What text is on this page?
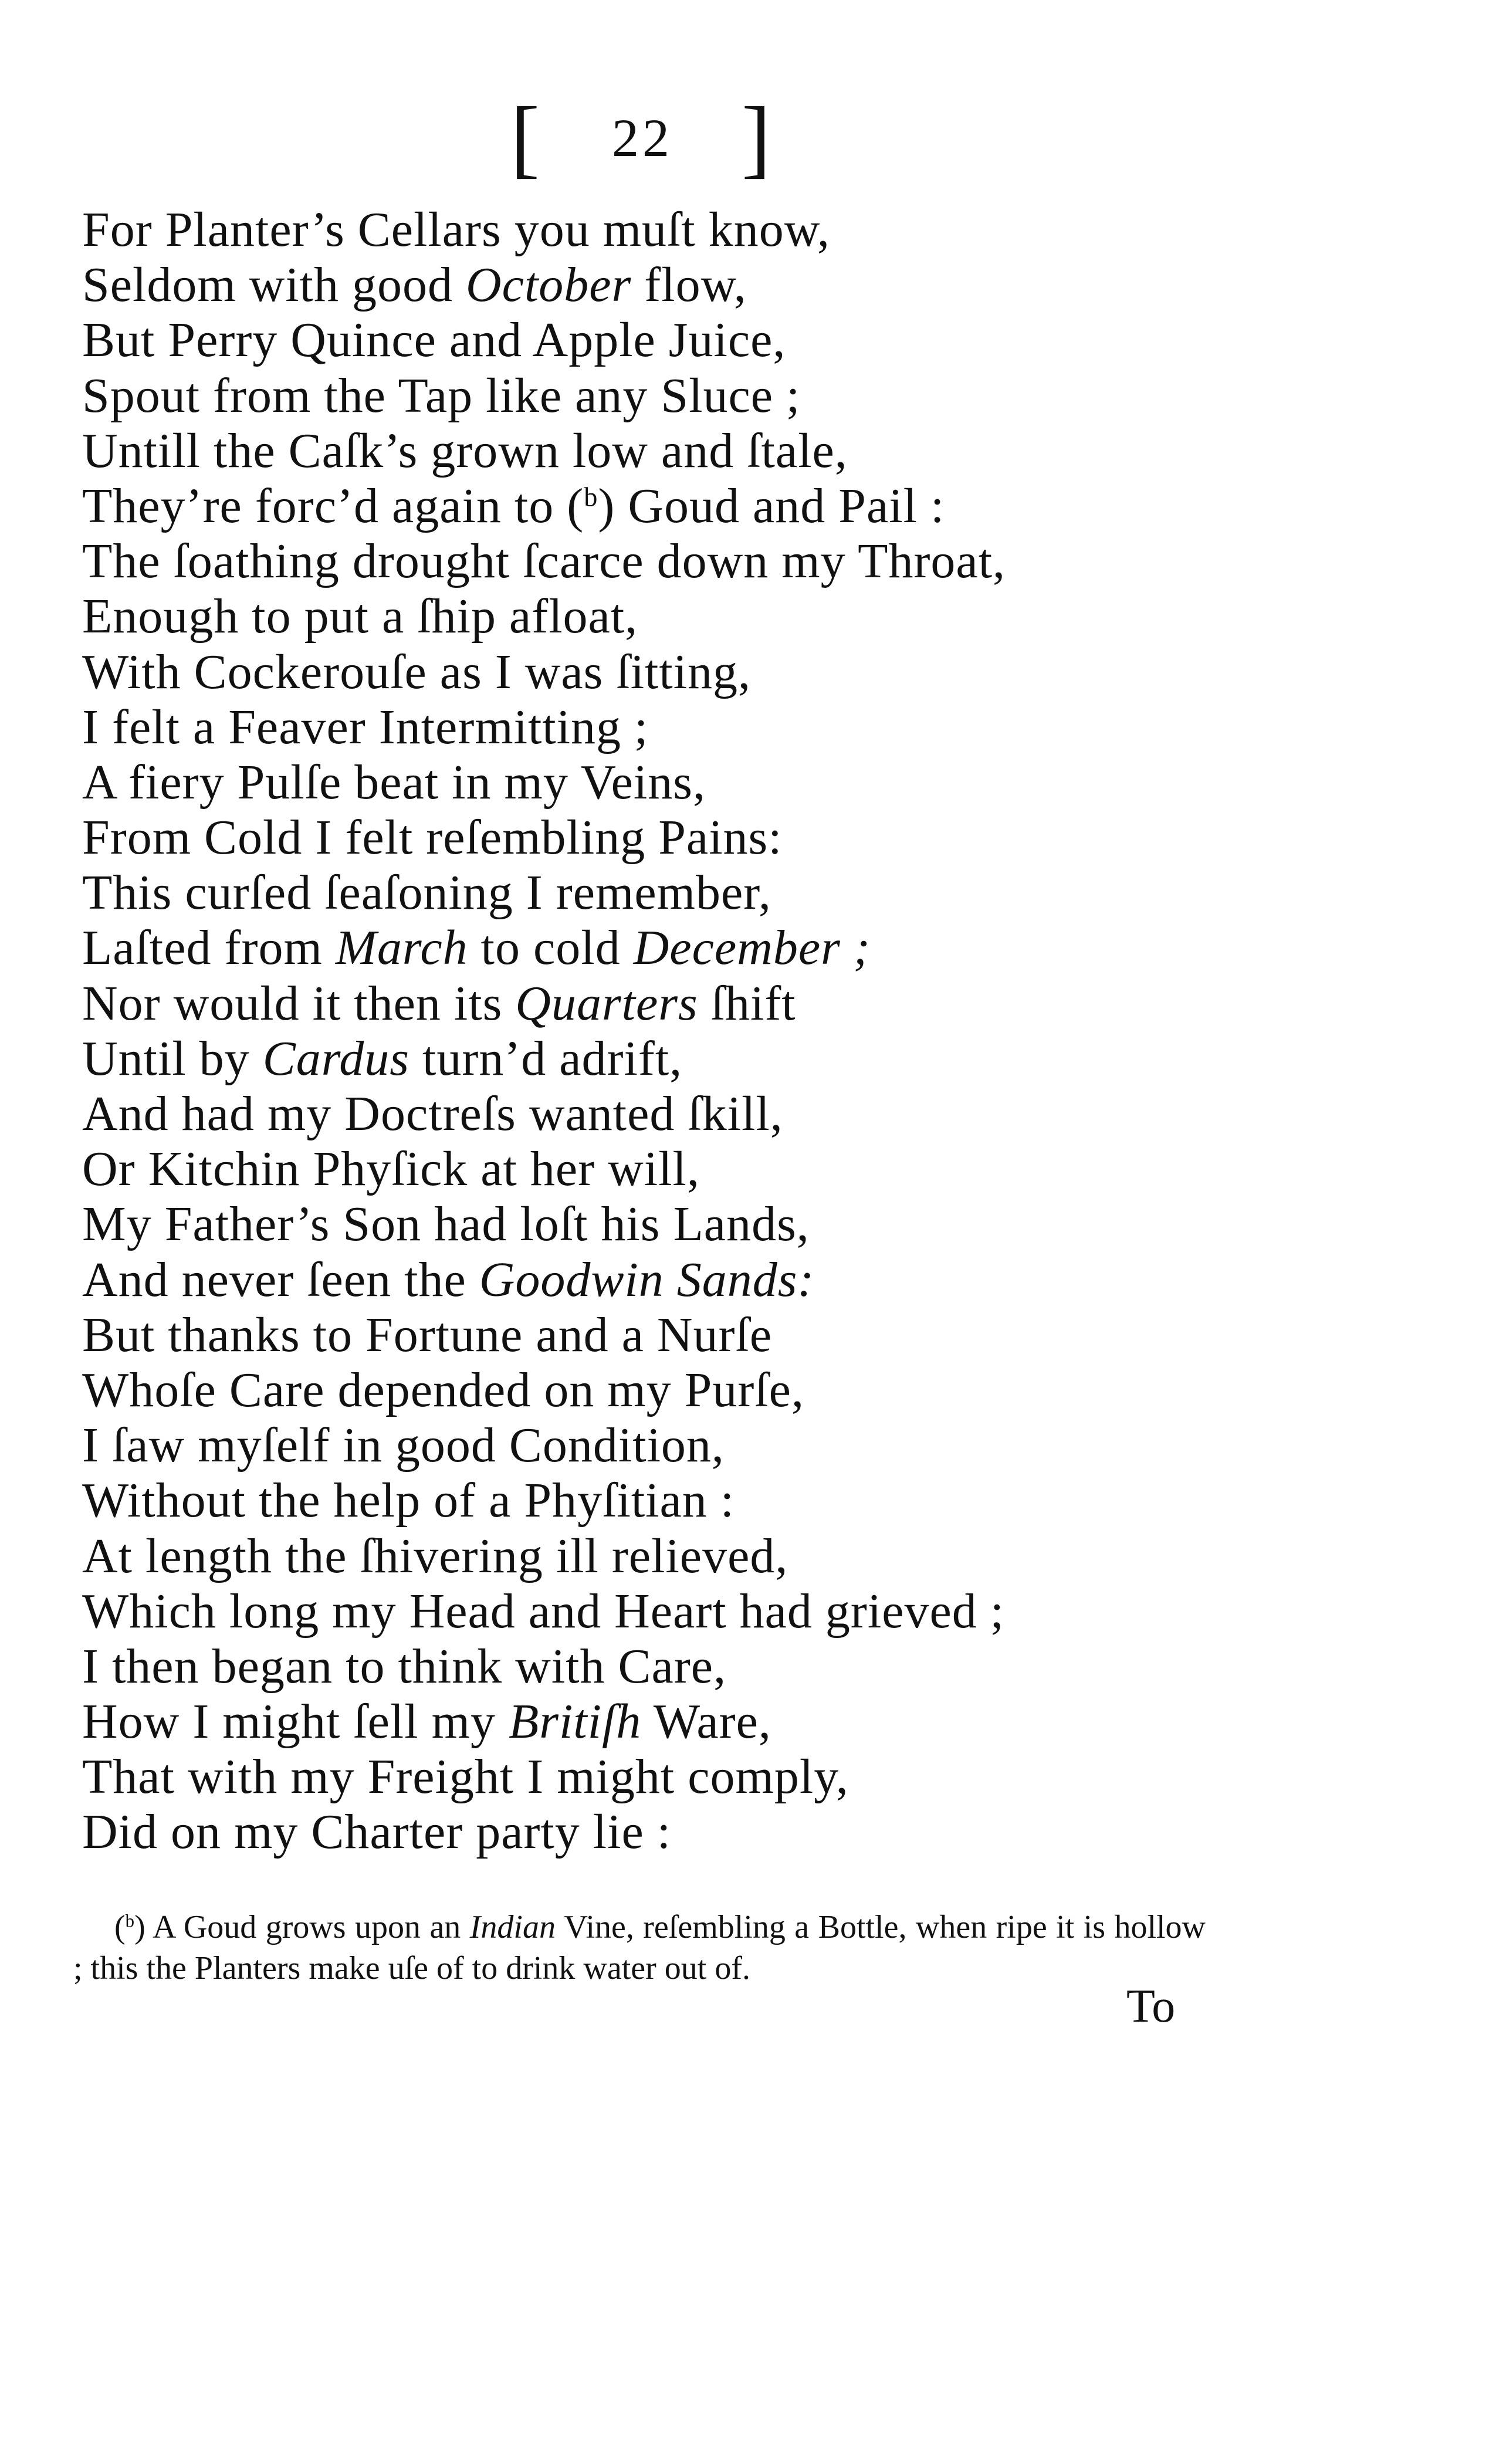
[ 22 ]
For Planter’s Cellars you muſt know,
Seldom with good October flow,
But Perry Quince and Apple Juice,
Spout from the Tap like any Sluce ;
Untill the Caſk’s grown low and ſtale,
They’re forc’d again to ($^b$) Goud and Pail :
The ſoathing drought ſcarce down my Throat,
Enough to put a ſhip afloat,
With Cockerouſe as I was ſitting,
I felt a Feaver Intermitting ;
A fiery Pulſe beat in my Veins,
From Cold I felt reſembling Pains:
This curſed ſeaſoning I remember,
Laſted from March to cold December ;
Nor would it then its Quarters ſhift
Until by Cardus turn’d adrift,
And had my Doctreſs wanted ſkill,
Or Kitchin Phyſick at her will,
My Father’s Son had loſt his Lands,
And never ſeen the Goodwin Sands:
But thanks to Fortune and a Nurſe
Whoſe Care depended on my Purſe,
I ſaw myſelf in good Condition,
Without the help of a Phyſitian :
At length the ſhivering ill relieved,
Which long my Head and Heart had grieved ;
I then began to think with Care,
How I might ſell my Britiſh Ware,
That with my Freight I might comply,
Did on my Charter party lie :
($^b$) A Goud grows upon an Indian Vine, reſembling a Bottle, when ripe it is hollow ; this the Planters make uſe of to drink water out of.
To
